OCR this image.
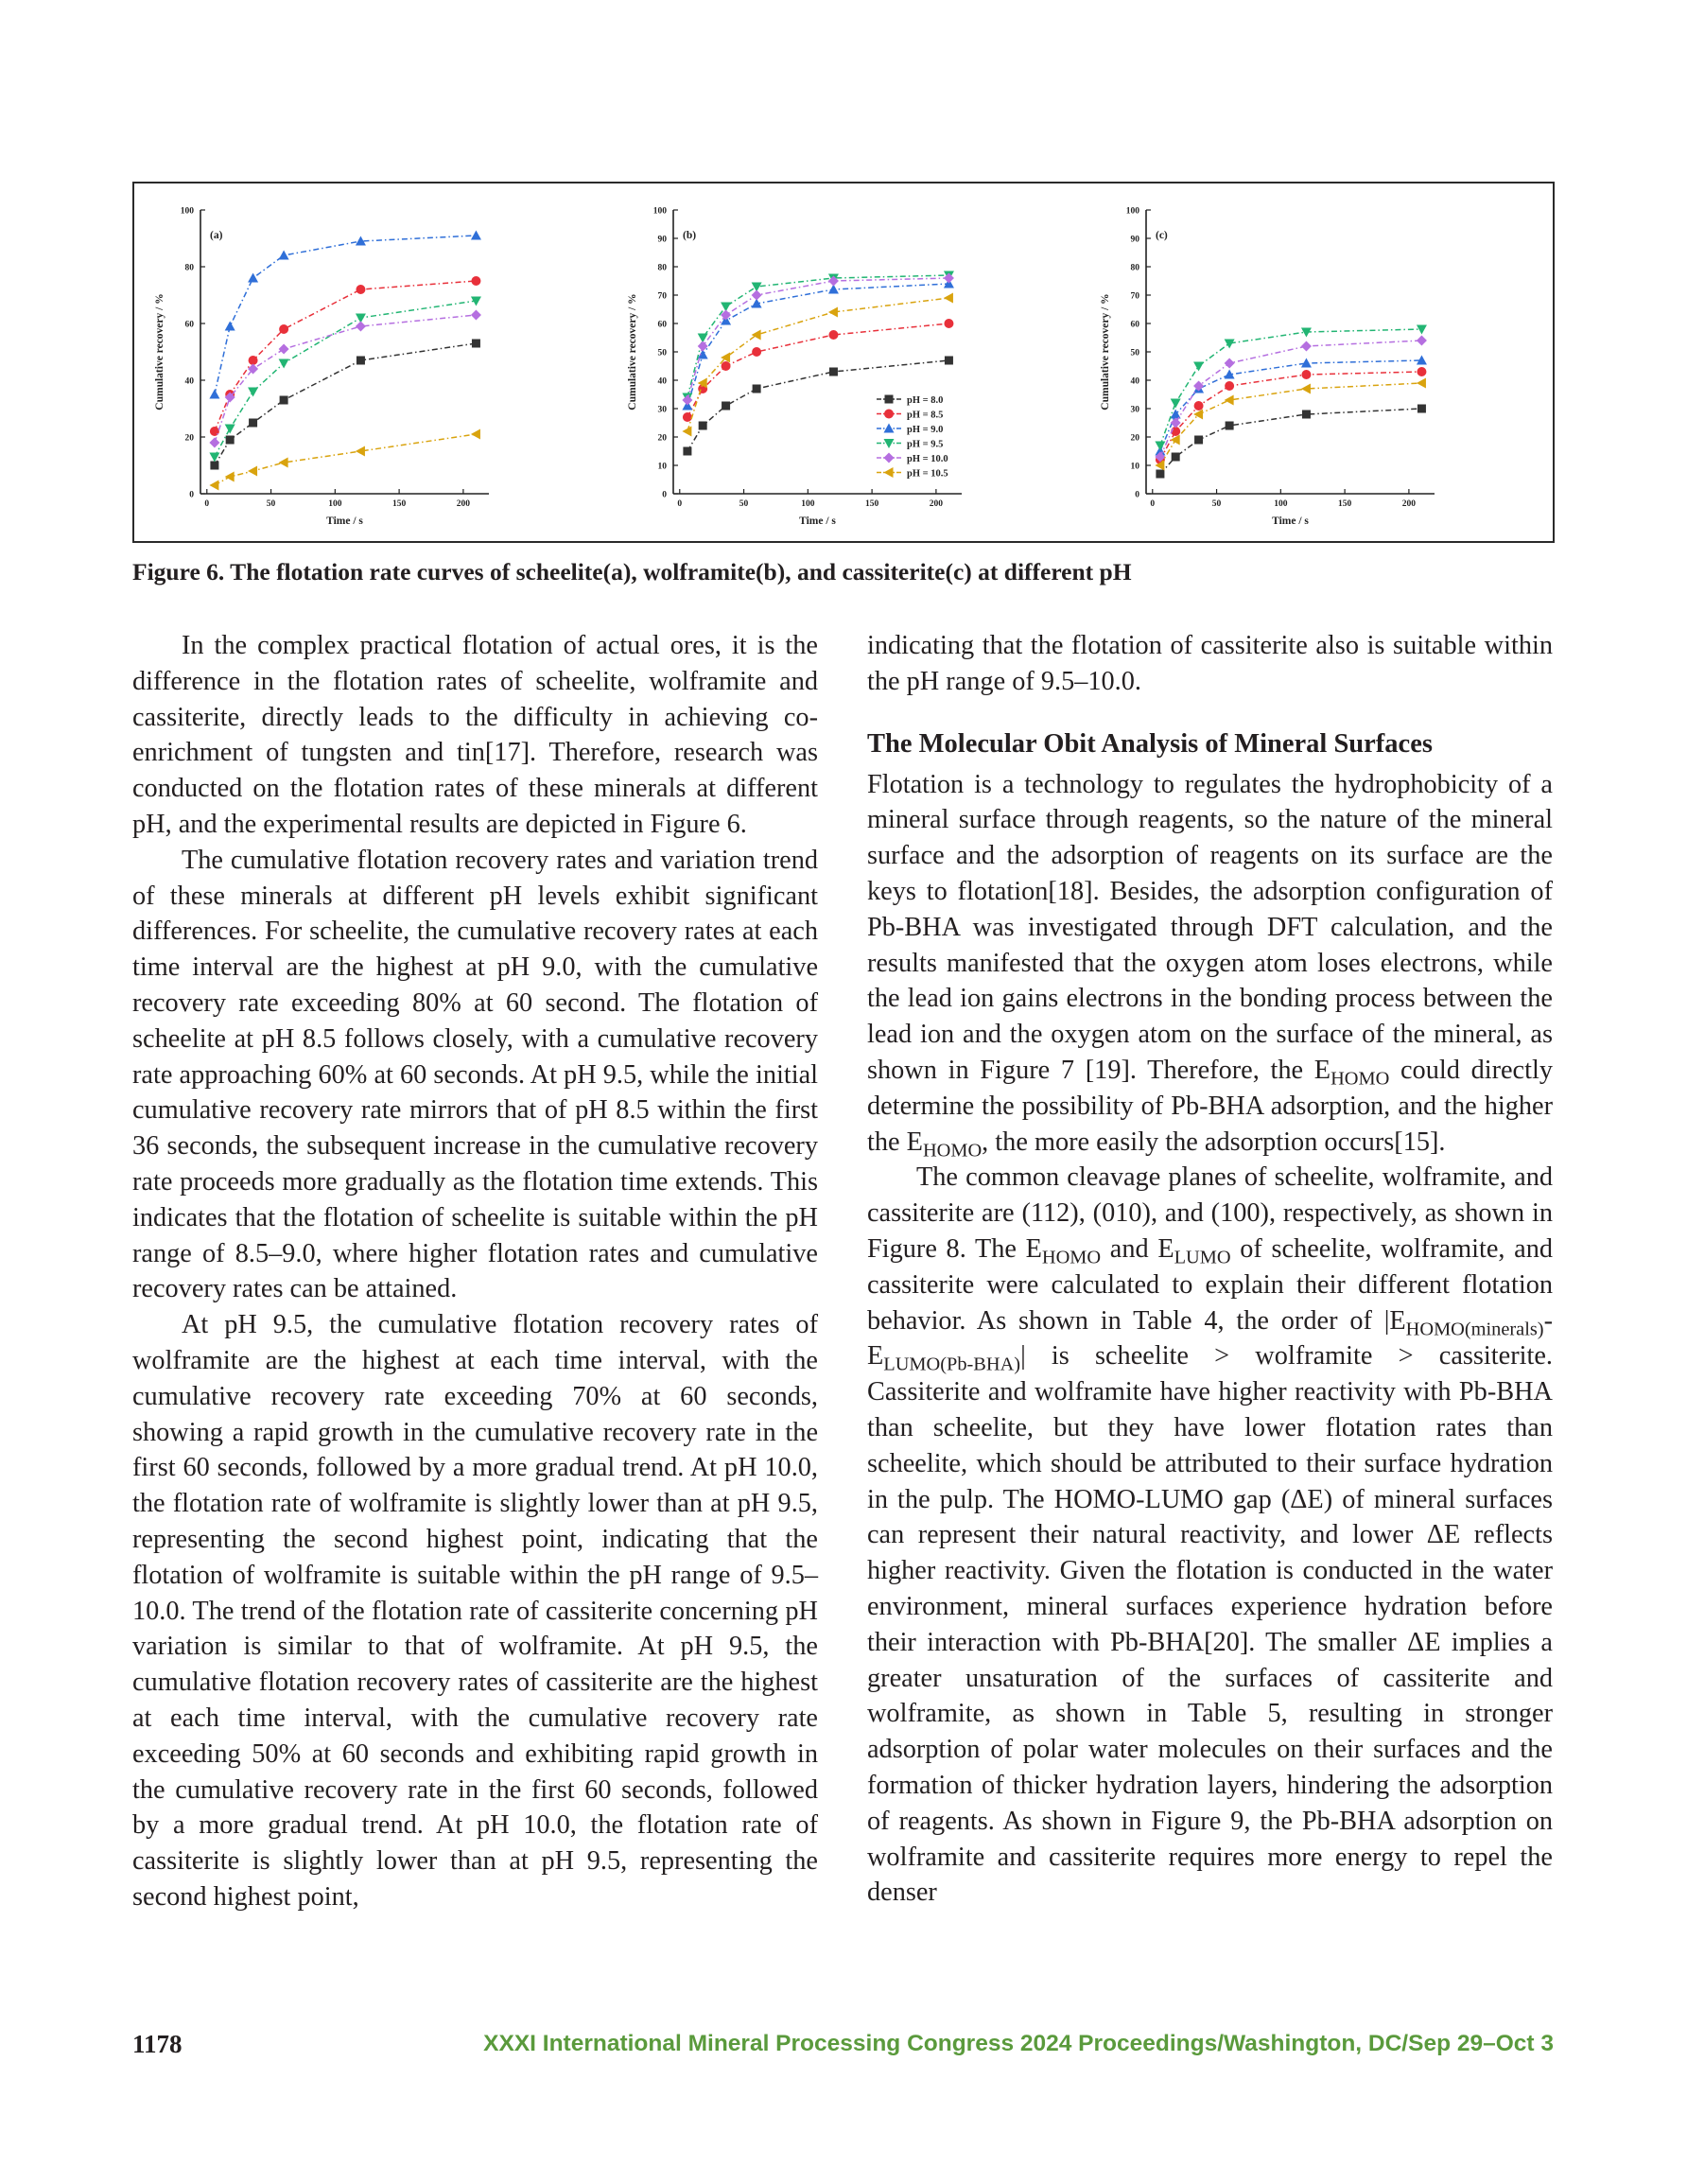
0
20
40
60
80
100
0	50	100	150	200
Time / s
Cumulative recovery / %
(a)
0
10
20
30
40
50
60
70
80
90
100
0	50	100	150	200
Time / s
Cumulative recovery / %
(b)
pH = 8.0
pH = 8.5
pH = 9.0
pH = 9.5
pH = 10.0
pH = 10.5
0
10
20
30
40
50
60
70
80
90
100
0	50	100	150	200
Time / s
Cumulative recovery / %
(c)

Figure 6. The flotation rate curves of scheelite(a), wolframite(b), and cassiterite(c) at different pH

In the complex practical flotation of actual ores, it is the difference in the flotation rates of scheelite, wolframite and cassiterite, directly leads to the difficulty in achieving co-enrichment of tungsten and tin[17]. Therefore, research was conducted on the flotation rates of these minerals at different pH, and the experimental results are depicted in Figure 6.

The cumulative flotation recovery rates and variation trend of these minerals at different pH levels exhibit significant differences. For scheelite, the cumulative recovery rates at each time interval are the highest at pH 9.0, with the cumulative recovery rate exceeding 80% at 60 second. The flotation of scheelite at pH 8.5 follows closely, with a cumulative recovery rate approaching 60% at 60 seconds. At pH 9.5, while the initial cumulative recovery rate mirrors that of pH 8.5 within the first 36 seconds, the subsequent increase in the cumulative recovery rate proceeds more gradually as the flotation time extends. This indicates that the flotation of scheelite is suitable within the pH range of 8.5–9.0, where higher flotation rates and cumulative recovery rates can be attained.

At pH 9.5, the cumulative flotation recovery rates of wolframite are the highest at each time interval, with the cumulative recovery rate exceeding 70% at 60 seconds, showing a rapid growth in the cumulative recovery rate in the first 60 seconds, followed by a more gradual trend. At pH 10.0, the flotation rate of wolframite is slightly lower than at pH 9.5, representing the second highest point, indicating that the flotation of wolframite is suitable within the pH range of 9.5–10.0. The trend of the flotation rate of cassiterite concerning pH variation is similar to that of wolframite. At pH 9.5, the cumulative flotation recovery rates of cassiterite are the highest at each time interval, with the cumulative recovery rate exceeding 50% at 60 seconds and exhibiting rapid growth in the cumulative recovery rate in the first 60 seconds, followed by a more gradual trend. At pH 10.0, the flotation rate of cassiterite is slightly lower than at pH 9.5, representing the second highest point,

indicating that the flotation of cassiterite also is suitable within the pH range of 9.5–10.0.

The Molecular Obit Analysis of Mineral Surfaces

Flotation is a technology to regulates the hydrophobicity of a mineral surface through reagents, so the nature of the mineral surface and the adsorption of reagents on its surface are the keys to flotation[18]. Besides, the adsorption configuration of Pb-BHA was investigated through DFT calculation, and the results manifested that the oxygen atom loses electrons, while the lead ion gains electrons in the bonding process between the lead ion and the oxygen atom on the surface of the mineral, as shown in Figure 7 [19]. Therefore, the $E_{HOMO}$ could directly determine the possibility of Pb-BHA adsorption, and the higher the $E_{HOMO}$, the more easily the adsorption occurs[15].

The common cleavage planes of scheelite, wolframite, and cassiterite are (112), (010), and (100), respectively, as shown in Figure 8. The $E_{HOMO}$ and $E_{LUMO}$ of scheelite, wolframite, and cassiterite were calculated to explain their different flotation behavior. As shown in Table 4, the order of $|E_{HOMO(minerals)}-E_{LUMO(Pb-BHA)}|$ is scheelite > wolframite > cassiterite. Cassiterite and wolframite have higher reactivity with Pb-BHA than scheelite, but they have lower flotation rates than scheelite, which should be attributed to their surface hydration in the pulp. The HOMO-LUMO gap (ΔE) of mineral surfaces can represent their natural reactivity, and lower ΔE reflects higher reactivity. Given the flotation is conducted in the water environment, mineral surfaces experience hydration before their interaction with Pb-BHA[20]. The smaller ΔE implies a greater unsaturation of the surfaces of cassiterite and wolframite, as shown in Table 5, resulting in stronger adsorption of polar water molecules on their surfaces and the formation of thicker hydration layers, hindering the adsorption of reagents. As shown in Figure 9, the Pb-BHA adsorption on wolframite and cassiterite requires more energy to repel the denser

1178	XXXI International Mineral Processing Congress 2024 Proceedings/Washington, DC/Sep 29–Oct 3
